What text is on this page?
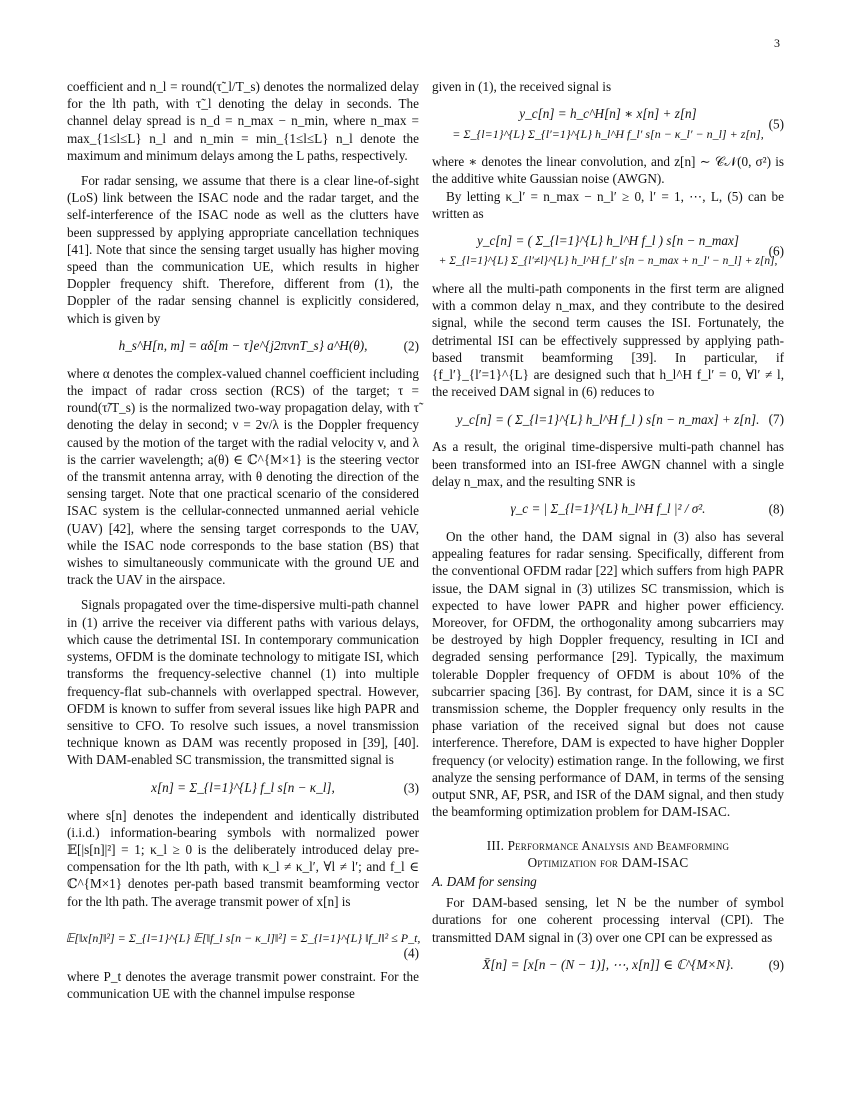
3

coefficient and n_l = round(τ̃_l/T_s) denotes the normalized delay for the lth path, with τ̃_l denoting the delay in seconds. The channel delay spread is n_d = n_max − n_min, where n_max = max_{1≤l≤L} n_l and n_min = min_{1≤l≤L} n_l denote the maximum and minimum delays among the L paths, respectively.

For radar sensing, we assume that there is a clear line-of-sight (LoS) link between the ISAC node and the radar target, and the self-interference of the ISAC node as well as the clutters have been suppressed by applying appropriate cancellation techniques [41]. Note that since the sensing target usually has higher moving speed than the communication UE, which results in higher Doppler frequency shift. Therefore, different from (1), the Doppler of the radar sensing channel is explicitly considered, which is given by

h_s^H[n, m] = αδ[m − τ]e^{j2πνnT_s} a^H(θ),	(2)

where α denotes the complex-valued channel coefficient including the impact of radar cross section (RCS) of the target; τ = round(τ̃/T_s) is the normalized two-way propagation delay, with τ̃ denoting the delay in second; ν = 2v/λ is the Doppler frequency caused by the motion of the target with the radial velocity v, and λ is the carrier wavelength; a(θ) ∈ ℂ^{M×1} is the steering vector of the transmit antenna array, with θ denoting the direction of the sensing target. Note that one practical scenario of the considered ISAC system is the cellular-connected unmanned aerial vehicle (UAV) [42], where the sensing target corresponds to the UAV, while the ISAC node corresponds to the base station (BS) that wishes to simultaneously communicate with the ground UE and track the UAV in the airspace.

Signals propagated over the time-dispersive multi-path channel in (1) arrive the receiver via different paths with various delays, which cause the detrimental ISI. In contemporary communication systems, OFDM is the dominate technology to mitigate ISI, which transforms the frequency-selective channel (1) into multiple frequency-flat sub-channels with overlapped spectral. However, OFDM is known to suffer from several issues like high PAPR and sensitive to CFO. To resolve such issues, a novel transmission technique known as DAM was recently proposed in [39], [40]. With DAM-enabled SC transmission, the transmitted signal is

x[n] = Σ_{l=1}^{L} f_l s[n − κ_l],	(3)

where s[n] denotes the independent and identically distributed (i.i.d.) information-bearing symbols with normalized power 𝔼[|s[n]|²] = 1; κ_l ≥ 0 is the deliberately introduced delay pre-compensation for the lth path, with κ_l ≠ κ_l′, ∀l ≠ l′; and f_l ∈ ℂ^{M×1} denotes per-path based transmit beamforming vector for the lth path. The average transmit power of x[n] is

𝔼[‖x[n]‖²] = Σ_{l=1}^{L} 𝔼[‖f_l s[n − κ_l]‖²] = Σ_{l=1}^{L} ‖f_l‖² ≤ P_t,
(4)

where P_t denotes the average transmit power constraint. For the communication UE with the channel impulse response

given in (1), the received signal is

y_c[n] = h_c^H[n] ∗ x[n] + z[n]
= Σ_{l=1}^{L} Σ_{l′=1}^{L} h_l^H f_l′ s[n − κ_l′ − n_l] + z[n],
(5)

where ∗ denotes the linear convolution, and z[n] ∼ 𝒞𝒩(0, σ²) is the additive white Gaussian noise (AWGN).

By letting κ_l′ = n_max − n_l′ ≥ 0, l′ = 1, ⋯, L, (5) can be written as

y_c[n] = ( Σ_{l=1}^{L} h_l^H f_l ) s[n − n_max]
+ Σ_{l=1}^{L} Σ_{l′≠l}^{L} h_l^H f_l′ s[n − n_max + n_l′ − n_l] + z[n],
(6)

where all the multi-path components in the first term are aligned with a common delay n_max, and they contribute to the desired signal, while the second term causes the ISI. Fortunately, the detrimental ISI can be effectively suppressed by applying path-based transmit beamforming [39]. In particular, if {f_l′}_{l′=1}^{L} are designed such that h_l^H f_l′ = 0, ∀l′ ≠ l, the received DAM signal in (6) reduces to

y_c[n] = ( Σ_{l=1}^{L} h_l^H f_l ) s[n − n_max] + z[n]. (7)

As a result, the original time-dispersive multi-path channel has been transformed into an ISI-free AWGN channel with a single delay n_max, and the resulting SNR is

γ_c = | Σ_{l=1}^{L} h_l^H f_l |² / σ².	(8)

On the other hand, the DAM signal in (3) also has several appealing features for radar sensing. Specifically, different from the conventional OFDM radar [22] which suffers from high PAPR issue, the DAM signal in (3) utilizes SC transmission, which is expected to have lower PAPR and higher power efficiency. Moreover, for OFDM, the orthogonality among subcarriers may be destroyed by high Doppler frequency, resulting in ICI and degraded sensing performance [29]. Typically, the maximum tolerable Doppler frequency of OFDM is about 10% of the subcarrier spacing [36]. By contrast, for DAM, since it is a SC transmission scheme, the Doppler frequency only results in the phase variation of the received signal but does not cause interference. Therefore, DAM is expected to have higher Doppler frequency (or velocity) estimation range. In the following, we first analyze the sensing performance of DAM, in terms of the sensing output SNR, AF, PSR, and ISR of the DAM signal, and then study the beamforming optimization problem for DAM-ISAC.

III. Performance Analysis and Beamforming
Optimization for DAM-ISAC
A. DAM for sensing

For DAM-based sensing, let N be the number of symbol durations for one coherent processing interval (CPI). The transmitted DAM signal in (3) over one CPI can be expressed as

X̄[n] = [x[n − (N − 1)], ⋯, x[n]] ∈ ℂ^{M×N}.	(9)
